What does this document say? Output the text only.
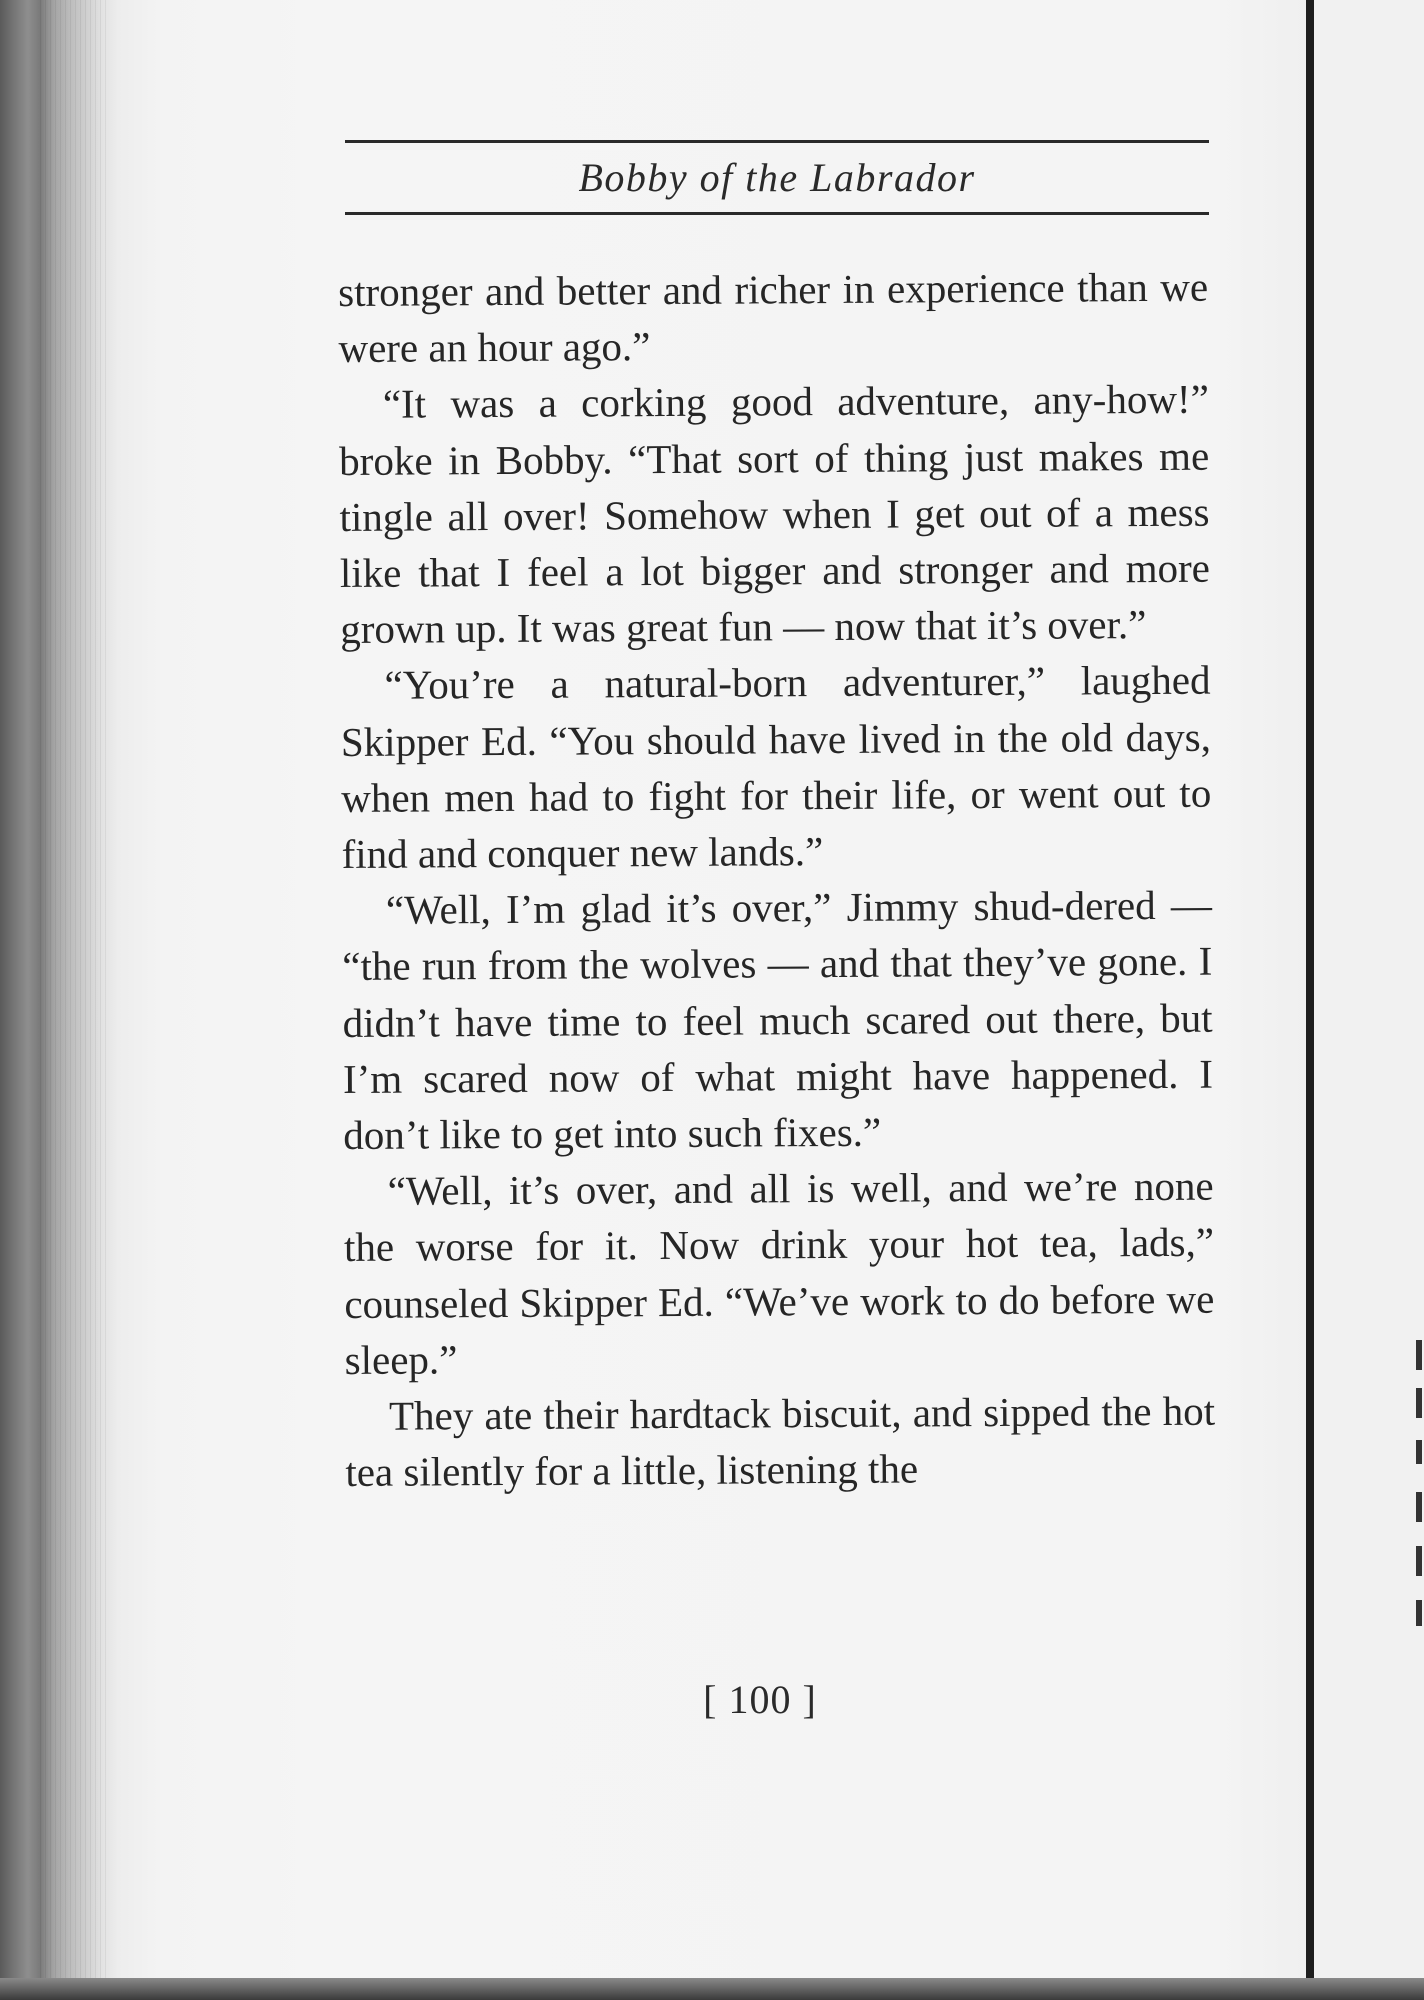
Bobby of the Labrador

stronger and better and richer in experience than we were an hour ago.”

“It was a corking good adventure, any-how!” broke in Bobby. “That sort of thing just makes me tingle all over! Somehow when I get out of a mess like that I feel a lot bigger and stronger and more grown up. It was great fun — now that it’s over.”

“You’re a natural-born adventurer,” laughed Skipper Ed. “You should have lived in the old days, when men had to fight for their life, or went out to find and conquer new lands.”

“Well, I’m glad it’s over,” Jimmy shud-dered — “the run from the wolves — and that they’ve gone. I didn’t have time to feel much scared out there, but I’m scared now of what might have happened. I don’t like to get into such fixes.”

“Well, it’s over, and all is well, and we’re none the worse for it. Now drink your hot tea, lads,” counseled Skipper Ed. “We’ve work to do before we sleep.”

They ate their hardtack biscuit, and sipped the hot tea silently for a little, listening the

[ 100 ]
